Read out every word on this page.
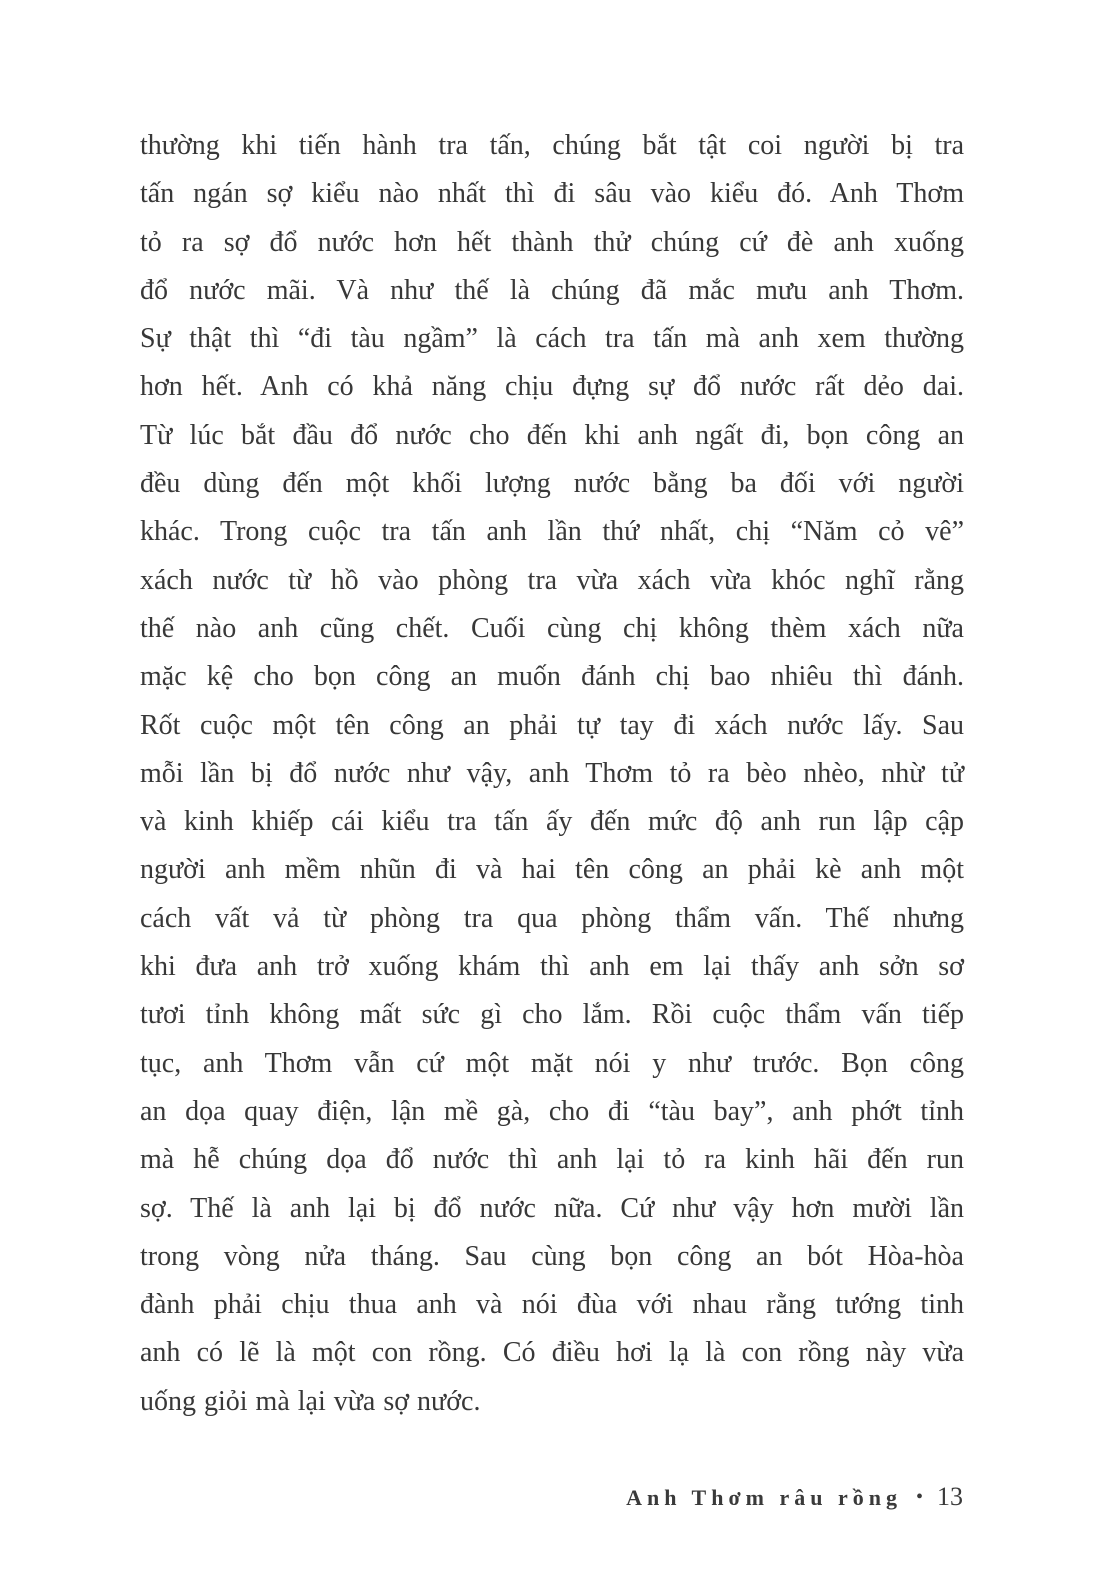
thường khi tiến hành tra tấn, chúng bắt tật coi người bị tra
tấn ngán sợ kiểu nào nhất thì đi sâu vào kiểu đó. Anh Thơm
tỏ ra sợ đổ nước hơn hết thành thử chúng cứ đè anh xuống
đổ nước mãi. Và như thế là chúng đã mắc mưu anh Thơm.
Sự thật thì “đi tàu ngầm” là cách tra tấn mà anh xem thường
hơn hết. Anh có khả năng chịu đựng sự đổ nước rất dẻo dai.
Từ lúc bắt đầu đổ nước cho đến khi anh ngất đi, bọn công an
đều dùng đến một khối lượng nước bằng ba đối với người
khác. Trong cuộc tra tấn anh lần thứ nhất, chị “Năm cỏ vê”
xách nước từ hồ vào phòng tra vừa xách vừa khóc nghĩ rằng
thế nào anh cũng chết. Cuối cùng chị không thèm xách nữa
mặc kệ cho bọn công an muốn đánh chị bao nhiêu thì đánh.
Rốt cuộc một tên công an phải tự tay đi xách nước lấy. Sau
mỗi lần bị đổ nước như vậy, anh Thơm tỏ ra bèo nhèo, nhừ tử
và kinh khiếp cái kiểu tra tấn ấy đến mức độ anh run lập cập
người anh mềm nhũn đi và hai tên công an phải kè anh một
cách vất vả từ phòng tra qua phòng thẩm vấn. Thế nhưng
khi đưa anh trở xuống khám thì anh em lại thấy anh sởn sơ
tươi tỉnh không mất sức gì cho lắm. Rồi cuộc thẩm vấn tiếp
tục, anh Thơm vẫn cứ một mặt nói y như trước. Bọn công
an dọa quay điện, lận mề gà, cho đi “tàu bay”, anh phớt tỉnh
mà hễ chúng dọa đổ nước thì anh lại tỏ ra kinh hãi đến run
sợ. Thế là anh lại bị đổ nước nữa. Cứ như vậy hơn mười lần
trong vòng nửa tháng. Sau cùng bọn công an bót Hòa-hòa
đành phải chịu thua anh và nói đùa với nhau rằng tướng tinh
anh có lẽ là một con rồng. Có điều hơi lạ là con rồng này vừa
uống giỏi mà lại vừa sợ nước.
Anh Thơm râu rồng • 13
